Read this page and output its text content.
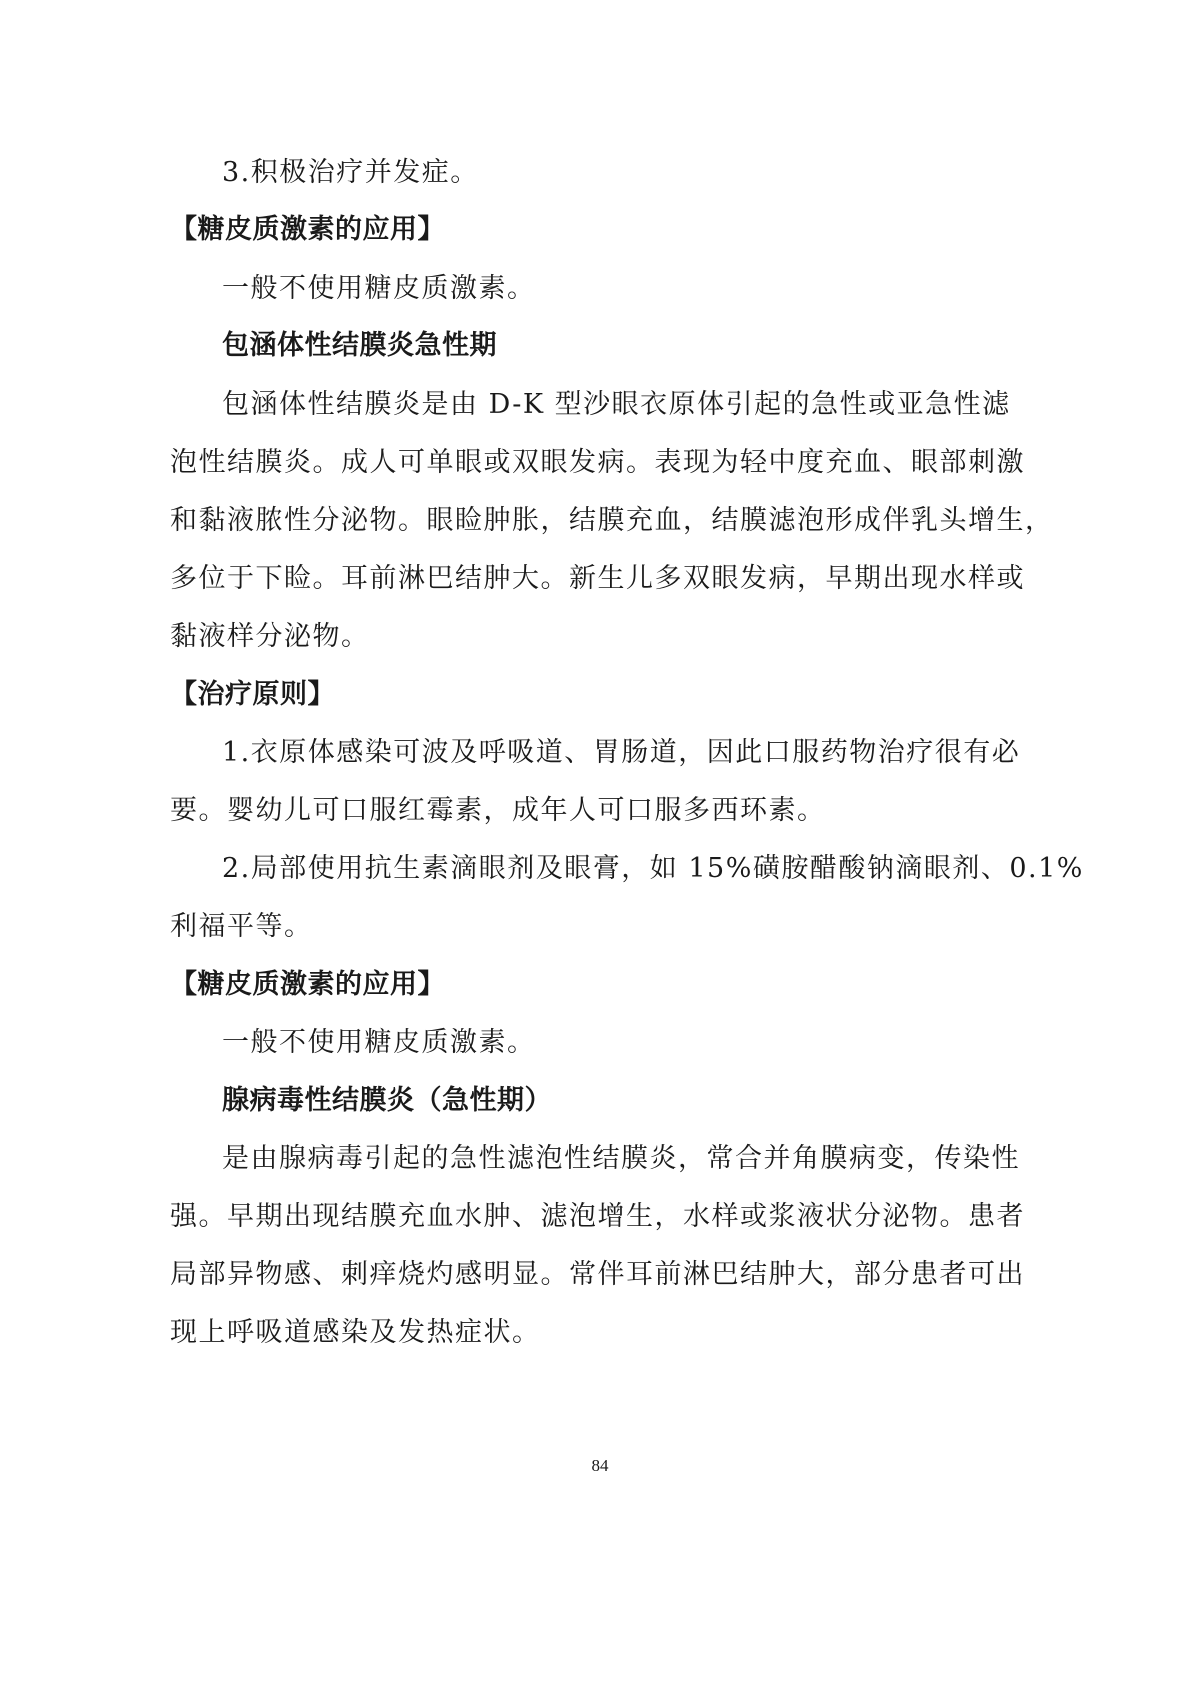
3.积极治疗并发症。
【糖皮质激素的应用】
一般不使用糖皮质激素。
包涵体性结膜炎急性期
包涵体性结膜炎是由 D-K 型沙眼衣原体引起的急性或亚急性滤
泡性结膜炎。成人可单眼或双眼发病。表现为轻中度充血、眼部刺激
和黏液脓性分泌物。眼睑肿胀，结膜充血，结膜滤泡形成伴乳头增生，
多位于下睑。耳前淋巴结肿大。新生儿多双眼发病，早期出现水样或
黏液样分泌物。
【治疗原则】
1.衣原体感染可波及呼吸道、胃肠道，因此口服药物治疗很有必
要。婴幼儿可口服红霉素，成年人可口服多西环素。
2.局部使用抗生素滴眼剂及眼膏，如 15%磺胺醋酸钠滴眼剂、0.1%
利福平等。
【糖皮质激素的应用】
一般不使用糖皮质激素。
腺病毒性结膜炎（急性期）
是由腺病毒引起的急性滤泡性结膜炎，常合并角膜病变，传染性
强。早期出现结膜充血水肿、滤泡增生，水样或浆液状分泌物。患者
局部异物感、刺痒烧灼感明显。常伴耳前淋巴结肿大，部分患者可出
现上呼吸道感染及发热症状。
84
